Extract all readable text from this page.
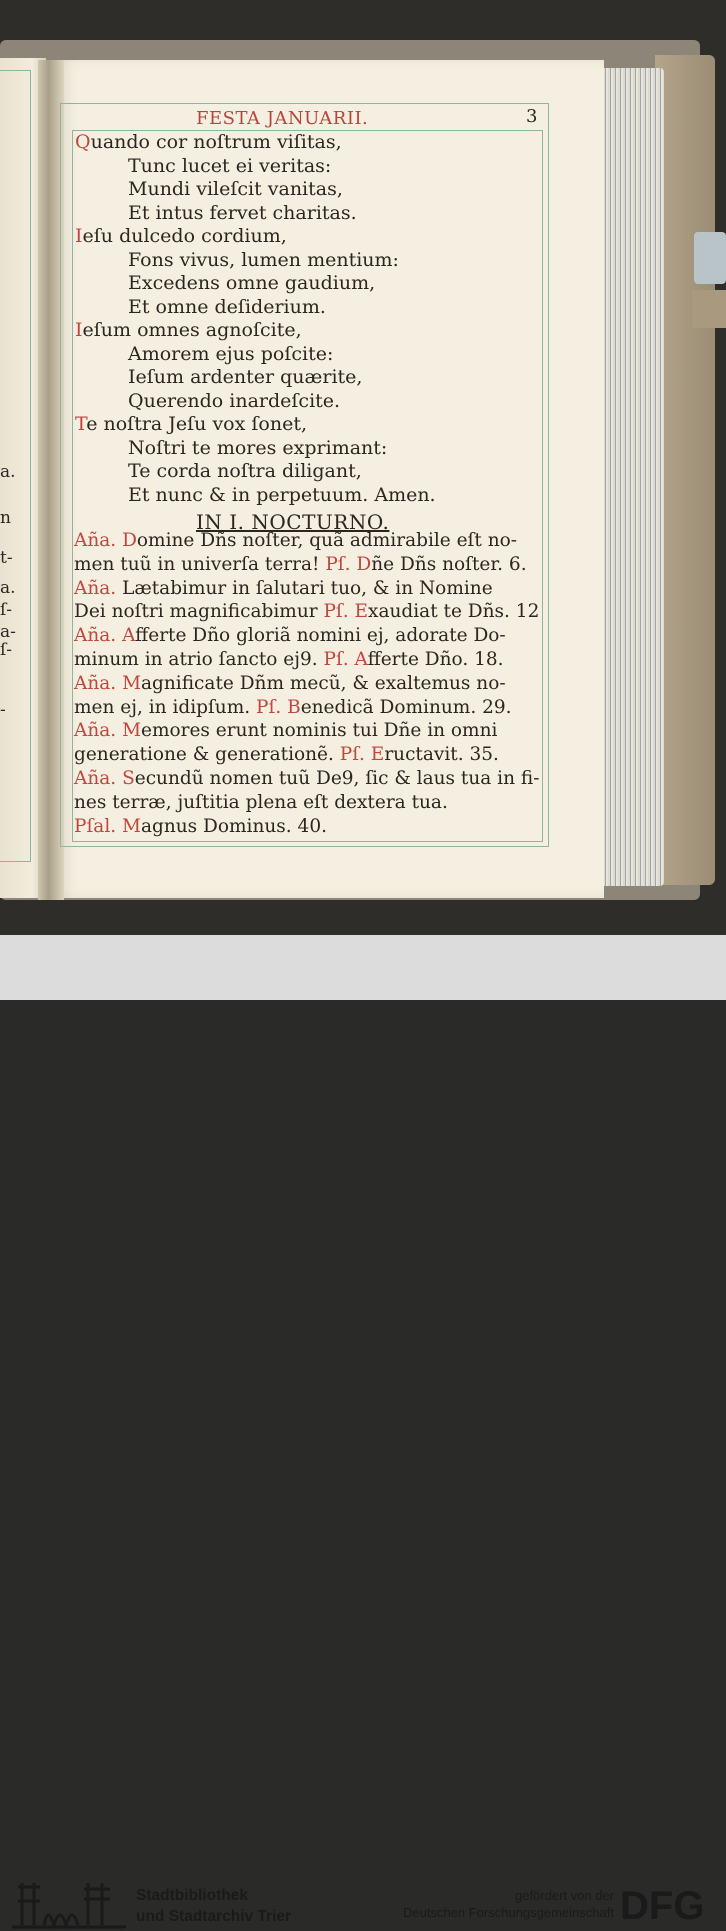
a.
n
t-
a.
ſ-
a-
ſ-
-
FESTA JANUARII.	3
Quando cor noſtrum viſitas,
Tunc lucet ei veritas:
Mundi vileſcit vanitas,
Et intus fervet charitas.
Ieſu dulcedo cordium,
Fons vivus, lumen mentium:
Excedens omne gaudium,
Et omne deſiderium.
Ieſum omnes agnoſcite,
Amorem ejus poſcite:
Ieſum ardenter quærite,
Querendo inardeſcite.
Te noſtra Jeſu vox ſonet,
Noſtri te mores exprimant:
Te corda noſtra diligant,
Et nunc & in perpetuum. Amen.
IN I. NOCTURNO.
Aña. Domine Dñs noſter, quã admirabile eſt no-
men tuũ in univerſa terra! Pſ. Dñe Dñs noſter. 6.
Aña. Lætabimur in ſalutari tuo, & in Nomine
Dei noſtri magnificabimur Pſ. Exaudiat te Dñs. 12
Aña. Afferte Dño gloriã nomini ej, adorate Do-
minum in atrio ſancto ej9. Pſ. Afferte Dño. 18.
Aña. Magnificate Dñm mecũ, & exaltemus no-
men ej, in idipſum. Pſ. Benedicã Dominum. 29.
Aña. Memores erunt nominis tui Dñe in omni
generatione & generationẽ. Pſ. Eructavit. 35.
Aña. Secundũ nomen tuũ De9, ſic & laus tua in fi-
nes terræ, juſtitia plena eſt dextera tua.
Pſal. Magnus Dominus. 40.
Stadtbibliothek
und Stadtarchiv Trier
gefördert von der
Deutschen Forschungsgemeinschaft DFG
